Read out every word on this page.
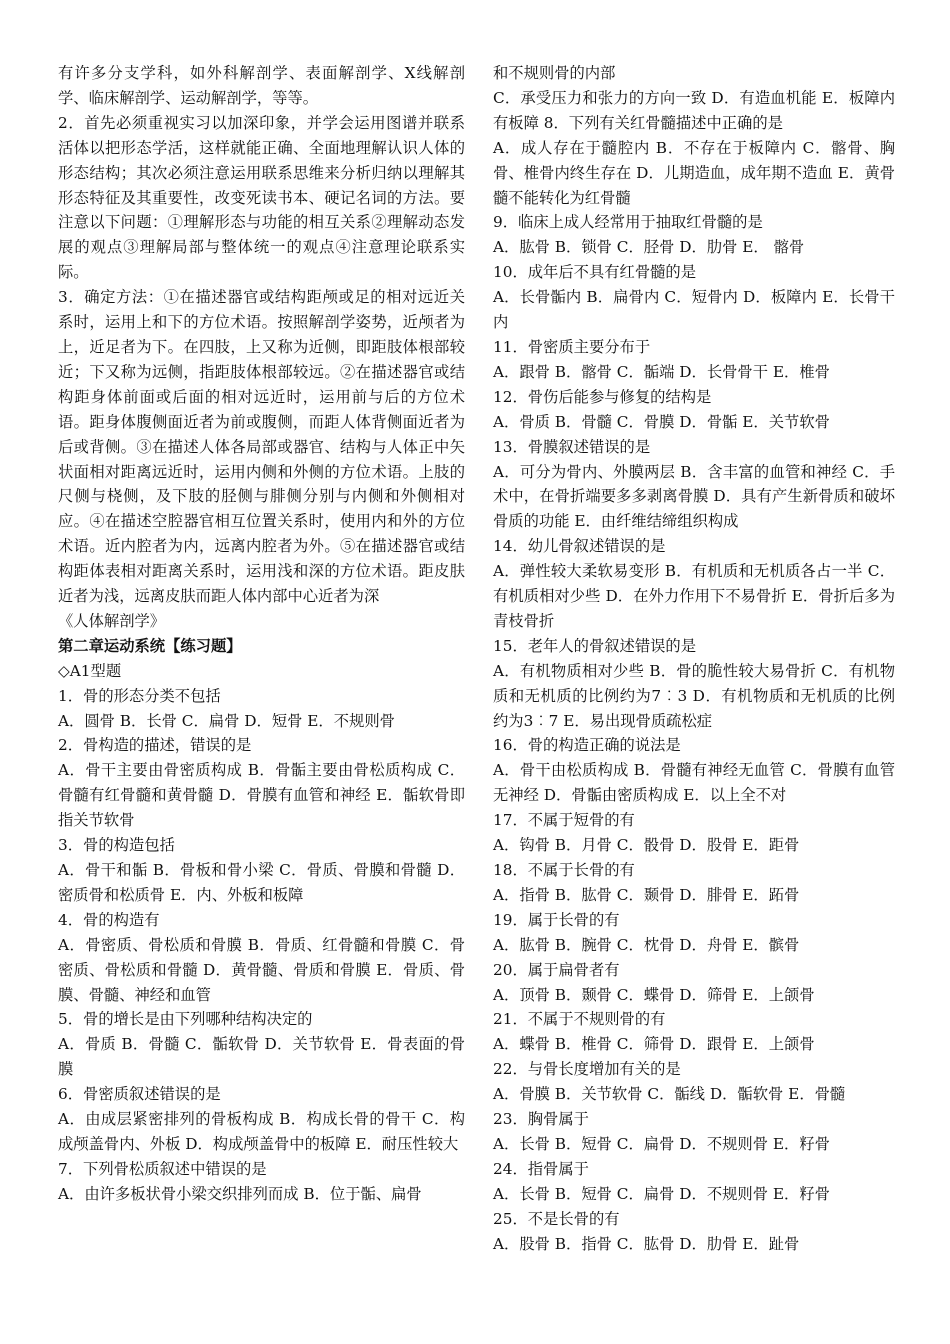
有许多分支学科，如外科解剖学、表面解剖学、X线解剖学、临床解剖学、运动解剖学，等等。

2．首先必须重视实习以加深印象，并学会运用图谱并联系活体以把形态学活，这样就能正确、全面地理解认识人体的形态结构；其次必须注意运用联系思维来分析归纳以理解其形态特征及其重要性，改变死读书本、硬记名词的方法。要注意以下问题：①理解形态与功能的相互关系②理解动态发展的观点③理解局部与整体统一的观点④注意理论联系实际。

3．确定方法：①在描述器官或结构距颅或足的相对远近关系时，运用上和下的方位术语。按照解剖学姿势，近颅者为上，近足者为下。在四肢，上又称为近侧，即距肢体根部较近；下又称为远侧，指距肢体根部较远。②在描述器官或结构距身体前面或后面的相对远近时，运用前与后的方位术语。距身体腹侧面近者为前或腹侧，而距人体背侧面近者为后或背侧。③在描述人体各局部或器官、结构与人体正中矢状面相对距离远近时，运用内侧和外侧的方位术语。上肢的尺侧与桡侧，及下肢的胫侧与腓侧分别与内侧和外侧相对应。④在描述空腔器官相互位置关系时，使用内和外的方位术语。近内腔者为内，远离内腔者为外。⑤在描述器官或结构距体表相对距离关系时，运用浅和深的方位术语。距皮肤近者为浅，远离皮肤而距人体内部中心近者为深

《人体解剖学》

第二章运动系统【练习题】

◇A1型题

1．骨的形态分类不包括

A．圆骨 B．长骨 C．扁骨 D．短骨 E．不规则骨

2．骨构造的描述，错误的是

A．骨干主要由骨密质构成 B．骨骺主要由骨松质构成 C．骨髓有红骨髓和黄骨髓 D．骨膜有血管和神经 E．骺软骨即指关节软骨

3．骨的构造包括

A．骨干和骺 B．骨板和骨小梁 C．骨质、骨膜和骨髓 D．密质骨和松质骨 E．内、外板和板障

4．骨的构造有

A．骨密质、骨松质和骨膜 B．骨质、红骨髓和骨膜 C．骨密质、骨松质和骨髓 D．黄骨髓、骨质和骨膜 E．骨质、骨膜、骨髓、神经和血管

5．骨的增长是由下列哪种结构决定的

A．骨质 B．骨髓 C．骺软骨 D．关节软骨 E．骨表面的骨膜

6．骨密质叙述错误的是

A．由成层紧密排列的骨板构成 B．构成长骨的骨干 C．构成颅盖骨内、外板 D．构成颅盖骨中的板障 E．耐压性较大

7．下列骨松质叙述中错误的是

A．由许多板状骨小梁交织排列而成 B．位于骺、扁骨

和不规则骨的内部

C．承受压力和张力的方向一致 D．有造血机能 E．板障内有板障 8．下列有关红骨髓描述中正确的是

A．成人存在于髓腔内 B．不存在于板障内 C．髂骨、胸骨、椎骨内终生存在 D．儿期造血，成年期不造血 E．黄骨髓不能转化为红骨髓

9．临床上成人经常用于抽取红骨髓的是

A．肱骨 B．锁骨 C．胫骨 D．肋骨 E． 髂骨

10．成年后不具有红骨髓的是

A．长骨骺内 B．扁骨内 C．短骨内 D．板障内 E．长骨干内

11．骨密质主要分布于

A．跟骨 B．髂骨 C．骺端 D．长骨骨干 E．椎骨

12．骨伤后能参与修复的结构是

A．骨质 B．骨髓 C．骨膜 D．骨骺 E．关节软骨

13．骨膜叙述错误的是

A．可分为骨内、外膜两层 B．含丰富的血管和神经 C．手术中，在骨折端要多多剥离骨膜 D．具有产生新骨质和破坏骨质的功能 E．由纤维结缔组织构成

14．幼儿骨叙述错误的是

A．弹性较大柔软易变形 B．有机质和无机质各占一半 C．有机质相对少些 D．在外力作用下不易骨折 E．骨折后多为青枝骨折

15．老年人的骨叙述错误的是

A．有机物质相对少些 B．骨的脆性较大易骨折 C．有机物质和无机质的比例约为7︰3 D．有机物质和无机质的比例约为3︰7 E．易出现骨质疏松症

16．骨的构造正确的说法是

A．骨干由松质构成 B．骨髓有神经无血管 C．骨膜有血管无神经 D．骨骺由密质构成 E．以上全不对

17．不属于短骨的有

A．钩骨 B．月骨 C．骰骨 D．股骨 E．距骨

18．不属于长骨的有

A．指骨 B．肱骨 C．颞骨 D．腓骨 E．跖骨

19．属于长骨的有

A．肱骨 B．腕骨 C．枕骨 D．舟骨 E．髌骨

20．属于扁骨者有

A．顶骨 B．颞骨 C．蝶骨 D．筛骨 E．上颌骨

21．不属于不规则骨的有

A．蝶骨 B．椎骨 C．筛骨 D．跟骨 E．上颌骨

22．与骨长度增加有关的是

A．骨膜 B．关节软骨 C．骺线 D．骺软骨 E．骨髓

23．胸骨属于

A．长骨 B．短骨 C．扁骨 D．不规则骨 E．籽骨

24．指骨属于

A．长骨 B．短骨 C．扁骨 D．不规则骨 E．籽骨

25．不是长骨的有

A．股骨 B．指骨 C．肱骨 D．肋骨 E．趾骨
